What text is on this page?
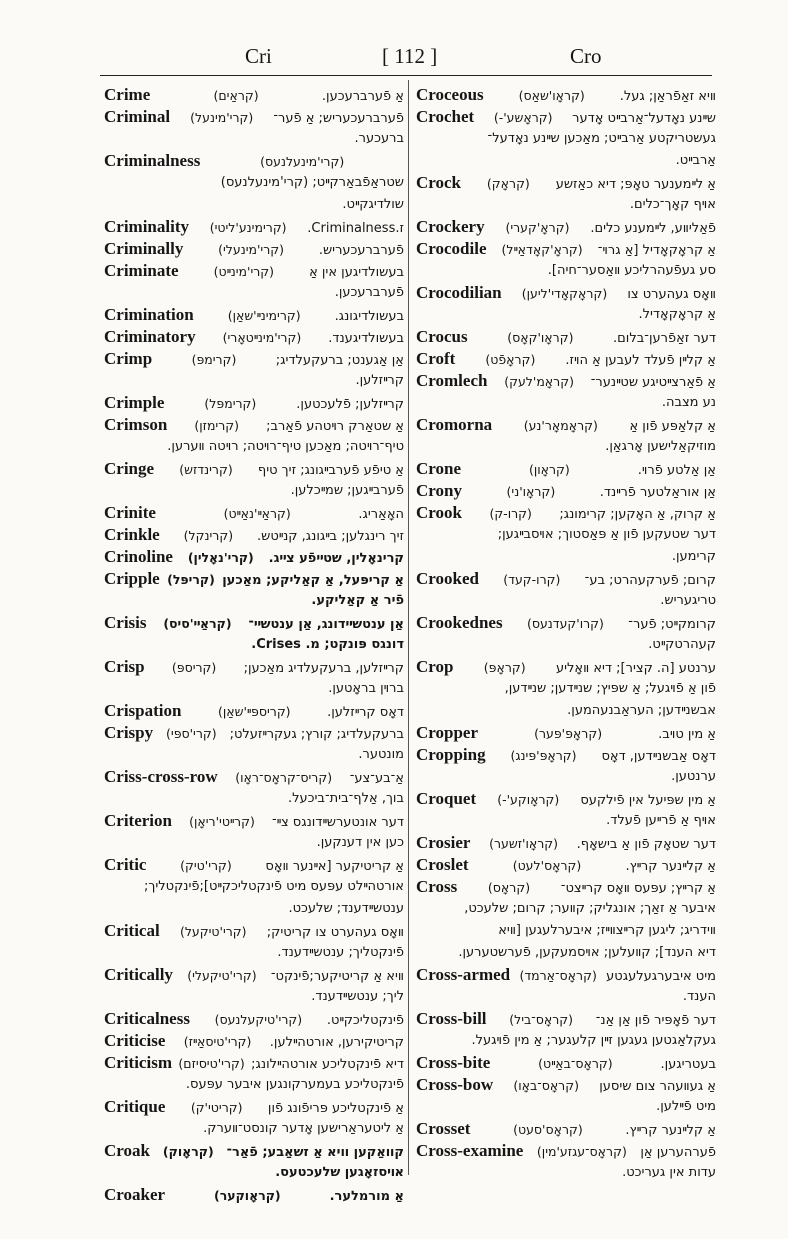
Cri	[ 112 ]	Cro
Crime	(קראַים)	אַ פֿערברעכען.
Criminal (קרי'מינעל) פֿערברעכעריש; אַ פֿער־
ברעכער.
Criminalness	(קרי'מינעלנעס)
שטראַפֿבאַרקײט; (קרי'מינעלנעס)
שולדיגקײט.
Criminality (קרימינע'ליטי) .Criminalness.ז
Criminally	(קרי'מינעלי)	פֿערברעכעריש.
Criminate	(קרי'מינײט)	בעשולדיגען אין אַ
פֿערברעכען.
Crimination	(קרימינײ'שאַן)	בעשולדיגונג.
Criminatory (קרי'מינײטאָרי) בעשולדיגענד.
Crimp	(קרימפּ)	אַן אַגענט; ברעקעלדיג;
קרײזלען.
Crimple	(קרימפּל)	קרײזלען; פֿלעכטען.
Crimson (קרימזן) אַ שטאַרק רױטהע פֿאַרב;
טיף־רױטה; מאַכען טיף־רױטה; רױטה װערען.
Cringe (קרינדזש) אַ טיפֿע פֿערבײגונג; זיך טיף
פֿערבײגען; שמײכלען.
Crinite	(קראַײ'נאַײט)	האָאַריג.
Crinkle (קרינקל) זיך רינגלען; בײגונג, קנײטש.
Crinoline (קרי'נאָלין) קרינאָלין, שטײפֿע צײג.
Cripple (קריפּל) אַ קריפּעל, אַ קאַליקע; מאַכען
פֿיר אַ קאַליקע.
Crisis (קראַײ'סיס) אַן ענטשײדונג, אַן ענטשײ־
דונגס פּונקט; מ. Crises.
Crisp (קריספּ) קרײזלען, ברעקעלדיג מאַכען;
ברױן בראָטען.
Crispation	(קריספּײ'שאַן)	דאָס קרײזלען.
Crispy (קרי'ספּי) ברעקעלדיג; קורץ; געקרײזעלט;
מונטער.
Criss-cross-row (קריס־קראָס־ראָו) אַ־בע־צע־
בוך, אַלף־בית־ביכעל.
Criterion (קרײטי'ריאָן) דער אונטערשײדונגס צײ־
כען אין דענקען.
Critic	(קרי'טיק)	אַ קריטיקער [אײנער װאָס
אורטהײלט עפּעס מיט פֿינקטליכקײט];פֿינקטליך;
ענטשײדענד; שלעכט.
Critical (קרי'טיקעל) װאָס געהערט צו קריטיק;
פֿינקטליך; ענטשײדענד.
Critically (קרי'טיקעלי) װיא אַ קריטיקער;פֿינקט־
ליך; ענטשײדענד.
Criticalness (קרי'טיקעלנעס) פֿינקטליכקײט.
Criticise (קרי'טיסאַײז) קריטיקירען, אורטהײלען.
Criticism (קרי'טיסיזם) דיא פֿינקטליכע אורטהײלונג;
פֿינקטליכע בעמערקונגען איבער עפּעס.
Critique (קריטי'ק) אַ פֿינקטליכע פּריפֿונג פֿון
אַ ליטעראַרישען אָדער קונסט־װערק.
Croak (קראָוק) קװאַקען װיא אַ זשאַבע; פֿאַר־
אױסזאָגען שלעכטעס.
Croaker	(קראָוקער)	אַ מורמלער.
Croceous	(קראָו'שאַס)	װיא זאַפֿראַן; געל.
Crochet (קראָשע'-) שײנע נאָדעל־אַרבײט אָדער
געשטריקטע אַרבײט; מאַכען שײנע נאָדעל־
אַרבײט.
Crock (קראָק) אַ לײמענער טאָפּ; דיא כאַזשע
אױף קאָך־כלים.
Crockery (קראָ'קערי) פֿאַליװע, לײמענע כלים.
Crocodile (קראָ'קאָדאַײל) אַ קראָקאָדיל [אַ גרױ־
סע געפֿעהרליכע װאַסער־חיה].
Crocodilian (קראָקאָדי'ליען) װאָס געהערט צו
אַ קראָקאָדיל.
Crocus	(קראָו'קאָס)	דער זאַפֿרען־בלום.
Croft (קראָפֿט) אַ קלײן פֿעלד לעבען אַ הױז.
Cromlech (קראָמ'לעק) אַ פֿאַרצײטיגע שטײנער־
נע מצבה.
Cromorna	(קראָמאָר'נע) אַ קלאַפּע פֿון אַ
מוזיקאַלישען אָרגאַן.
Crone	(קראָון)	אַן אַלטע פֿרױ.
Crony	(קראָו'ני)	אַן אוראַלטער פֿרײנד.
Crook (קרו-ק) אַ קרוק, אַ האָקען; קרימונג;
דער שטעקען פֿון אַ פּאַסטוך; אױסבײגען;
קרימען.
Crooked (קרו-קעד) קרום; פֿערקעהרט; בע־
טריגעריש.
Crookednes (קרו'קעדנעס) קרומקײט; פֿער־
קעהרטקײט.
Crop (קראָפּ) ערנטע [ה. קציר]; דיא װאָליע
פֿון אַ פֿױגעל; אַ שפּיץ; שנײדען; שנײדען,
אבשנײדען; העראַבנעהמען.
Cropper	(קראָפּ'פּער)	אַ מין טױב.
Cropping (קראָפּ'פּינג) דאָס אַבשנײדען, דאָס
ערנטען.
Croquet (קראָוקע'-) אַ מין שפּיעל אין פֿילקעס
אױף אַ פֿרײען פֿעלד.
Crosier (קראָו'זשער) דער שטאָק פֿון אַ בישאָף.
Croslet	(קראָס'לעט)	אַ קלײנער קרײץ.
Cross (קראָס) אַ קרײץ; עפּעס װאָס קרײצט־
איבער אַ זאַך; אונגליק; קװער; קרום; שלעכט,
װידריג; ליגען קרײצװײז; איבערלעגען [װיא
דיא הענד]; קװעלען; אױסמעקען, פֿערשטערען.
Cross-armed (קראָס־אַרמד) מיט איבערגעלעגטע
הענד.
Cross-bill (קראָס־ביל) דער פֿאָפּיר פֿון אַן אַנ־
געקלאַגטען געגען זײן קלעגער; אַ מין פֿױגעל.
Cross-bite	(קראָס־באַײט)	בעטריגען.
Cross-bow (קראָס־באָו) אַ געװעהר צום שיסען
מיט פֿײלען.
Crosset	(קראָס'סעט)	אַ קלײנער קרײץ.
Cross-examine (קראָס־עגזע'מין) פֿערהערען אַן
עדות אין געריכט.
